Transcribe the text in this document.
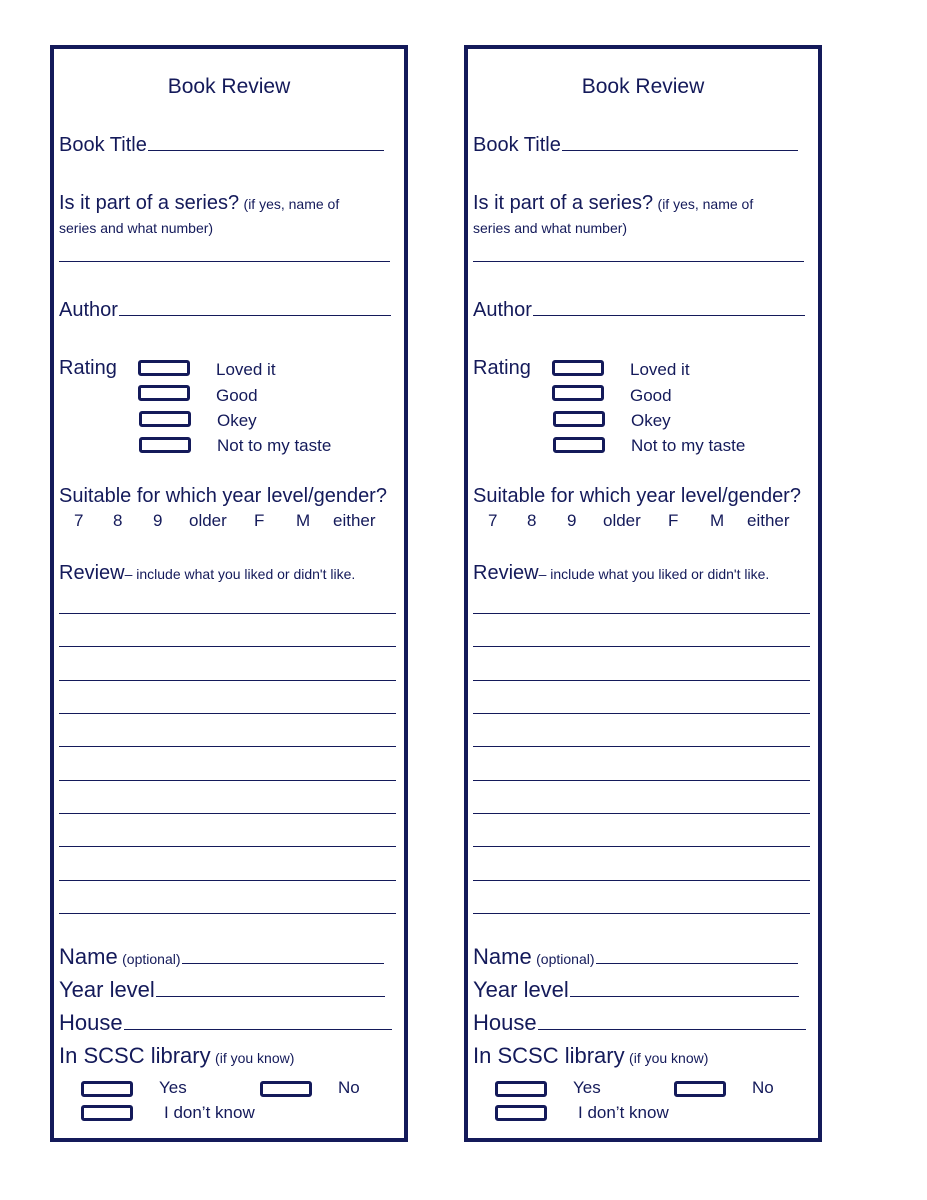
Book Review
Book Title
Is it part of a series? (if yes, name of
series and what number)
Author
Rating	Loved it
Good
Okey
Not to my taste
Suitable for which year level/gender?
7 8 9 older F M either
Review– include what you liked or didn't like.
Name (optional)
Year level
House
In SCSC library (if you know)
Yes	No
I don’t know
Book Review
Book Title
Is it part of a series? (if yes, name of
series and what number)
Author
Rating	Loved it
Good
Okey
Not to my taste
Suitable for which year level/gender?
7 8 9 older F M either
Review– include what you liked or didn't like.
Name (optional)
Year level
House
In SCSC library (if you know)
Yes	No
I don’t know
